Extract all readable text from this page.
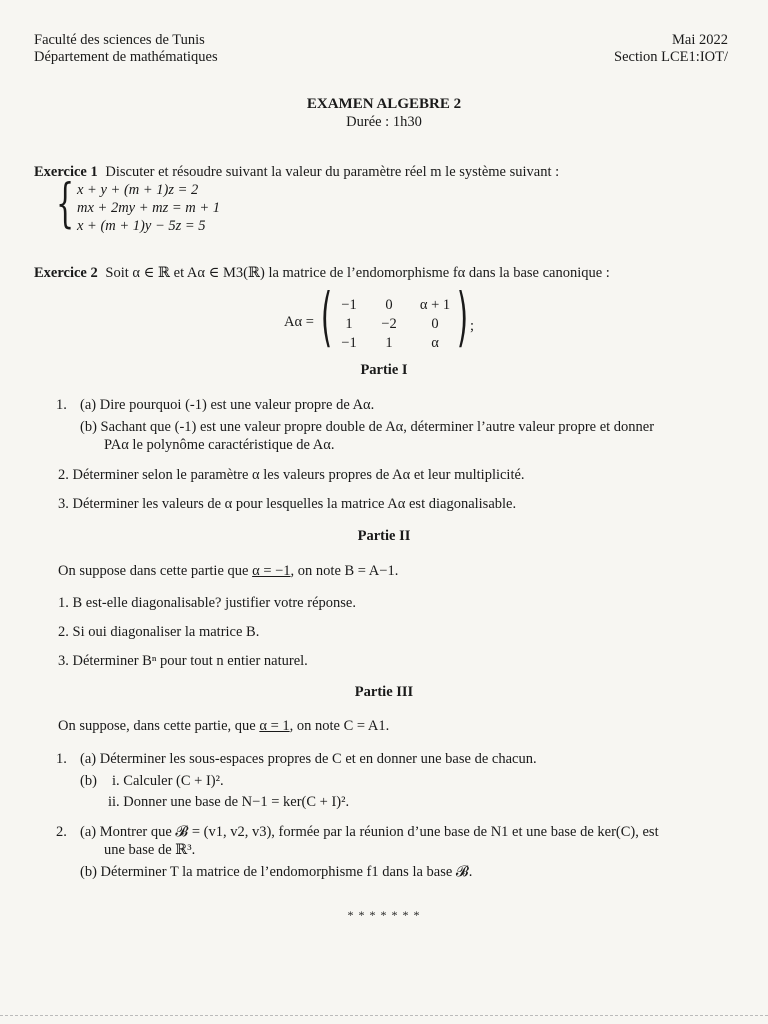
Faculté des sciences de Tunis
Département de mathématiques
Mai 2022
Section LCE1:IOT/
EXAMEN ALGEBRE 2
Durée : 1h30
Exercice 1 Discuter et résoudre suivant la valeur du paramètre réel m le système suivant :
{ x + y + (m + 1)z = 2
mx + 2my + mz = m + 1
x + (m + 1)y − 5z = 5
Exercice 2 Soit α ∈ ℝ et Aα ∈ M3(ℝ) la matrice de l’endomorphisme fα dans la base canonique :
Aα = ( −1	0	α + 1
1	−2	0
−1	1	α ) ;
Partie I
1. (a) Dire pourquoi (-1) est une valeur propre de Aα.
(b) Sachant que (-1) est une valeur propre double de Aα, déterminer l’autre valeur propre et donner
PAα le polynôme caractéristique de Aα.
2. Déterminer selon le paramètre α les valeurs propres de Aα et leur multiplicité.
3. Déterminer les valeurs de α pour lesquelles la matrice Aα est diagonalisable.
Partie II
On suppose dans cette partie que α = −1, on note B = A−1.
1. B est-elle diagonalisable? justifier votre réponse.
2. Si oui diagonaliser la matrice B.
3. Déterminer Bⁿ pour tout n entier naturel.
Partie III
On suppose, dans cette partie, que α = 1, on note C = A1.
1. (a) Déterminer les sous-espaces propres de C et en donner une base de chacun.
(b) i. Calculer (C + I)².
ii. Donner une base de N−1 = ker(C + I)².
2. (a) Montrer que 𝓑 = (v1, v2, v3), formée par la réunion d’une base de N1 et une base de ker(C), est
une base de ℝ³.
(b) Déterminer T la matrice de l’endomorphisme f1 dans la base 𝓑.
* * * * * * *
